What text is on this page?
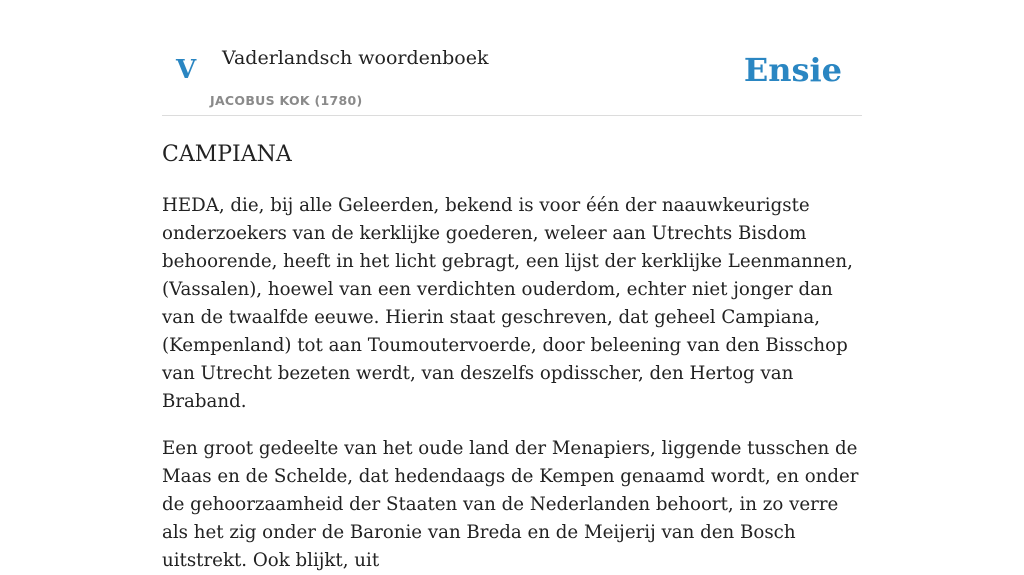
V Vaderlandsch woordenboek
JACOBUS KOK (1780)
Ensie
CAMPIANA

HEDA, die, bij alle Geleerden, bekend is voor één der naauwkeurigste onderzoekers van de kerklijke goederen, weleer aan Utrechts Bisdom behoorende, heeft in het licht gebragt, een lijst der kerklijke Leenmannen, (Vassalen), hoewel van een verdichten ouderdom, echter niet jonger dan van de twaalfde eeuwe. Hierin staat geschreven, dat geheel Campiana, (Kempenland) tot aan Toumoutervoerde, door beleening van den Bisschop van Utrecht bezeten werdt, van deszelfs opdisscher, den Hertog van Braband.

Een groot gedeelte van het oude land der Menapiers, liggende tusschen de Maas en de Schelde, dat hedendaags de Kempen genaamd wordt, en onder de gehoorzaamheid der Staaten van de Nederlanden behoort, in zo verre als het zig onder de Baronie van Breda en de Meijerij van den Bosch uitstrekt. Ook blijkt, uit
